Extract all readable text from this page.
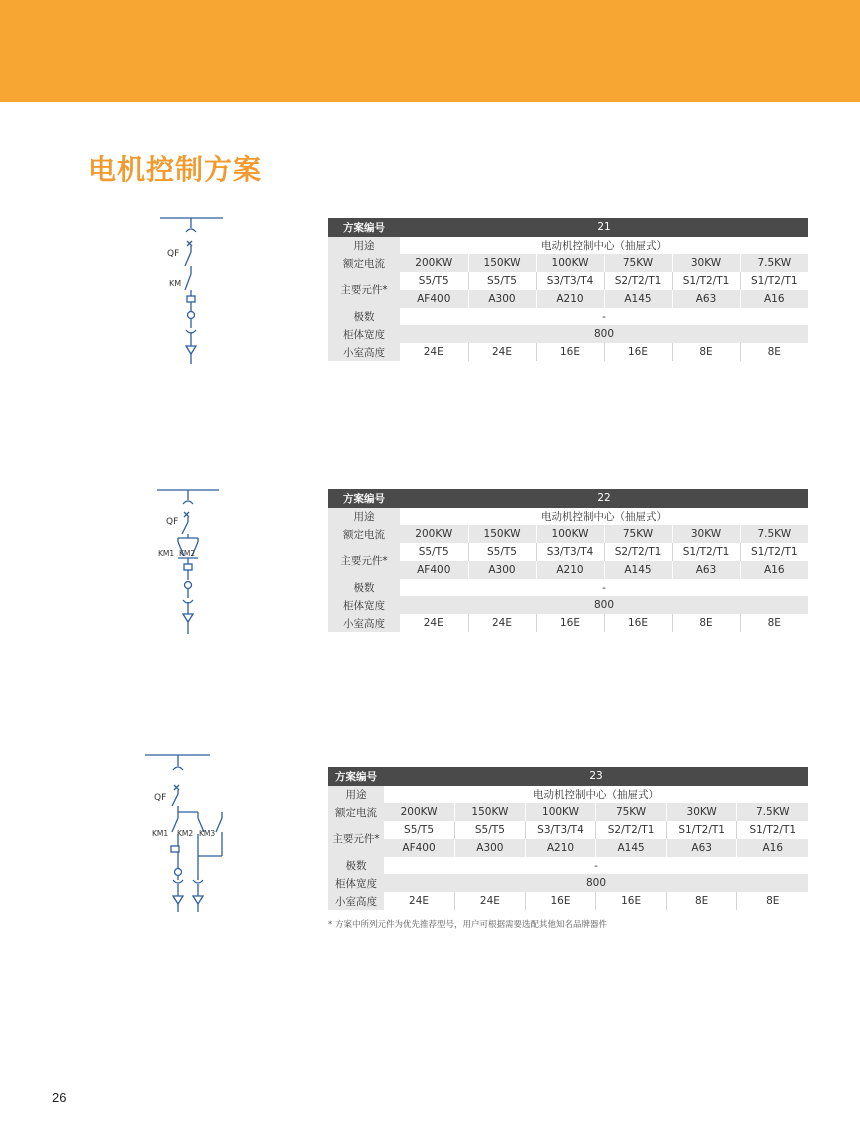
电机控制方案
QF
KM
QF
KM1 KM2
QF
KM1 KM2 KM3
方案编号	21					
用途	电动机控制中心（抽屉式）					
额定电流	200KW	150KW	100KW	75KW	30KW	7.5KW
主要元件*	S5/T5	S5/T5	S3/T3/T4	S2/T2/T1	S1/T2/T1	S1/T2/T1
	AF400	A300	A210	A145	A63	A16
极数	-					
柜体宽度	800					
小室高度	24E	24E	16E	16E	8E	8E
方案编号	22					
用途	电动机控制中心（抽屉式）					
额定电流	200KW	150KW	100KW	75KW	30KW	7.5KW
主要元件*	S5/T5	S5/T5	S3/T3/T4	S2/T2/T1	S1/T2/T1	S1/T2/T1
	AF400	A300	A210	A145	A63	A16
极数	-					
柜体宽度	800					
小室高度	24E	24E	16E	16E	8E	8E
方案编号	23					
用途	电动机控制中心（抽屉式）					
额定电流	200KW	150KW	100KW	75KW	30KW	7.5KW
主要元件*	S5/T5	S5/T5	S3/T3/T4	S2/T2/T1	S1/T2/T1	S1/T2/T1
	AF400	A300	A210	A145	A63	A16
极数	-					
柜体宽度	800					
小室高度	24E	24E	16E	16E	8E	8E
* 方案中所列元件为优先推荐型号，用户可根据需要选配其他知名品牌器件
26
